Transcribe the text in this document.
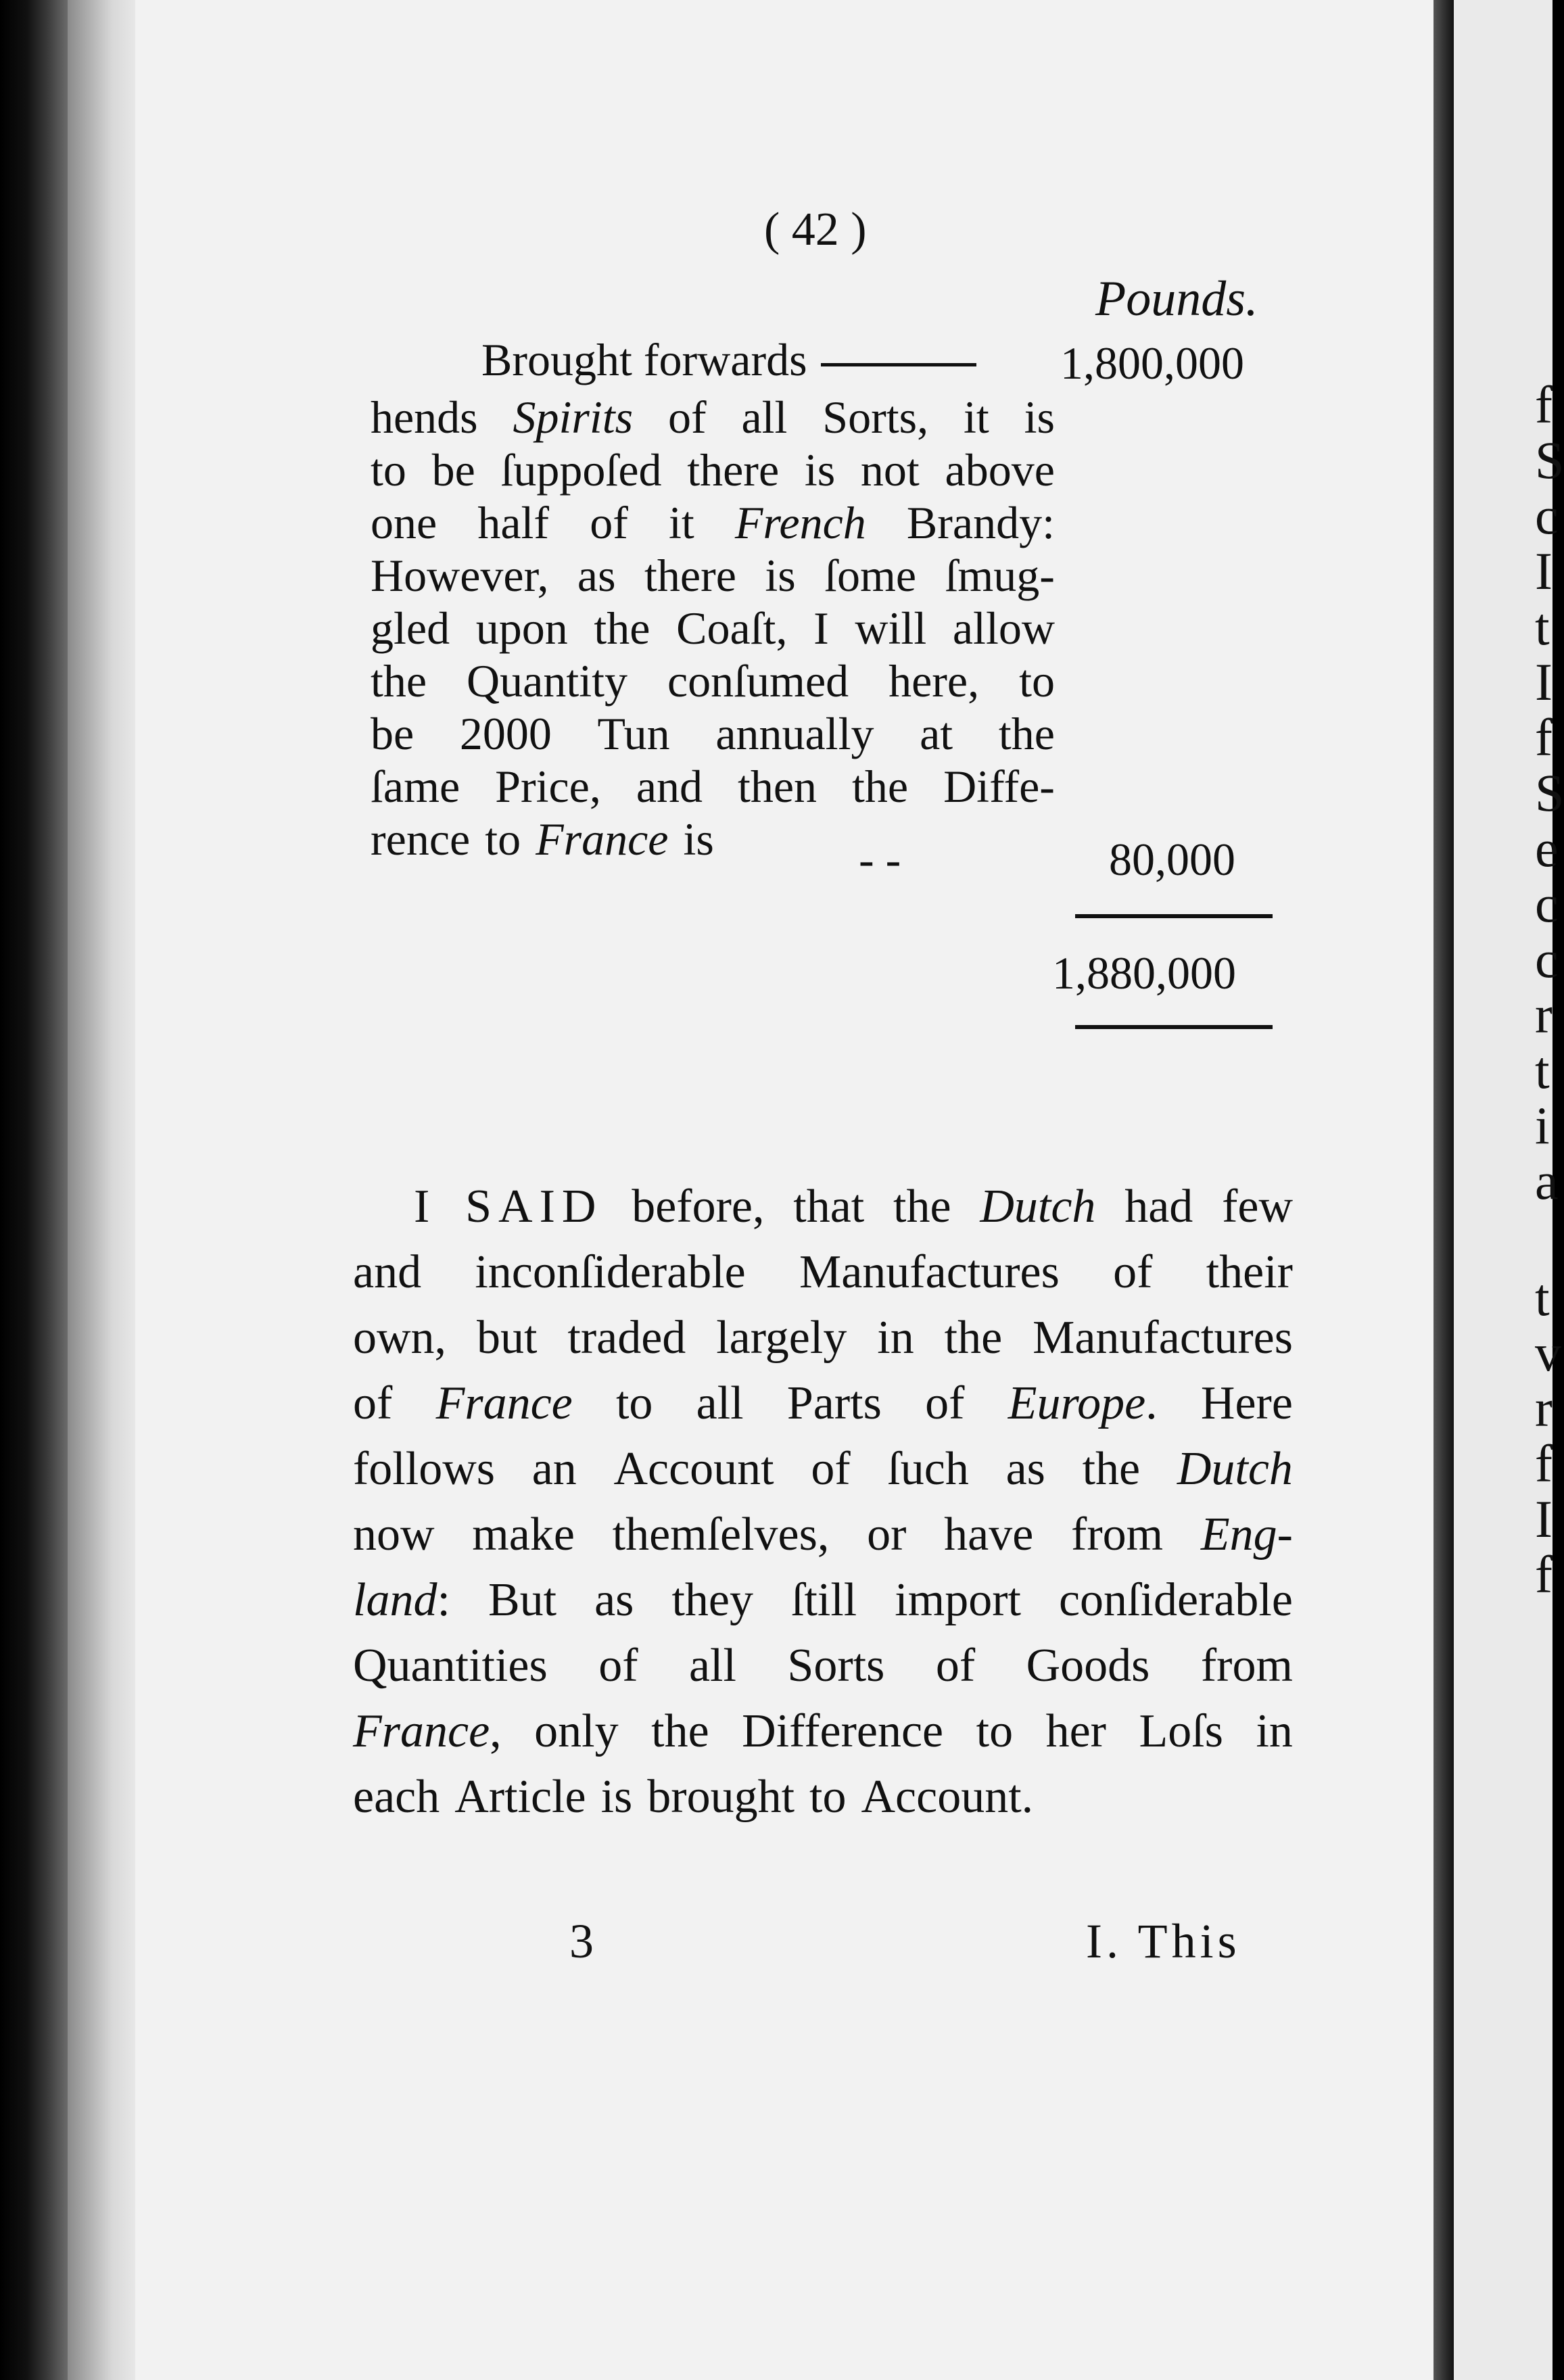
f
S
c
I
t
I
f
S
e
c
c
r
t
i
a
t
v
r
f
I
f
( 42 )
Pounds.
Brought forwards	1,800,000
hends Spirits of all Sorts, it is
to be ſuppoſed there is not above
one half of it French Brandy:
However, as there is ſome ſmug-
gled upon the Coaſt, I will allow
the Quantity conſumed here, to
be 2000 Tun annually at the
ſame Price, and then the Diffe-
rence to France is	- -	80,000
1,880,000
I SAID before, that the Dutch had few
and inconſiderable Manufactures of their
own, but traded largely in the Manufactures
of France to all Parts of Europe. Here
follows an Account of ſuch as the Dutch
now make themſelves, or have from Eng-
land: But as they ſtill import conſiderable
Quantities of all Sorts of Goods from
France, only the Difference to her Loſs in
each Article is brought to Account.
3	I. This
